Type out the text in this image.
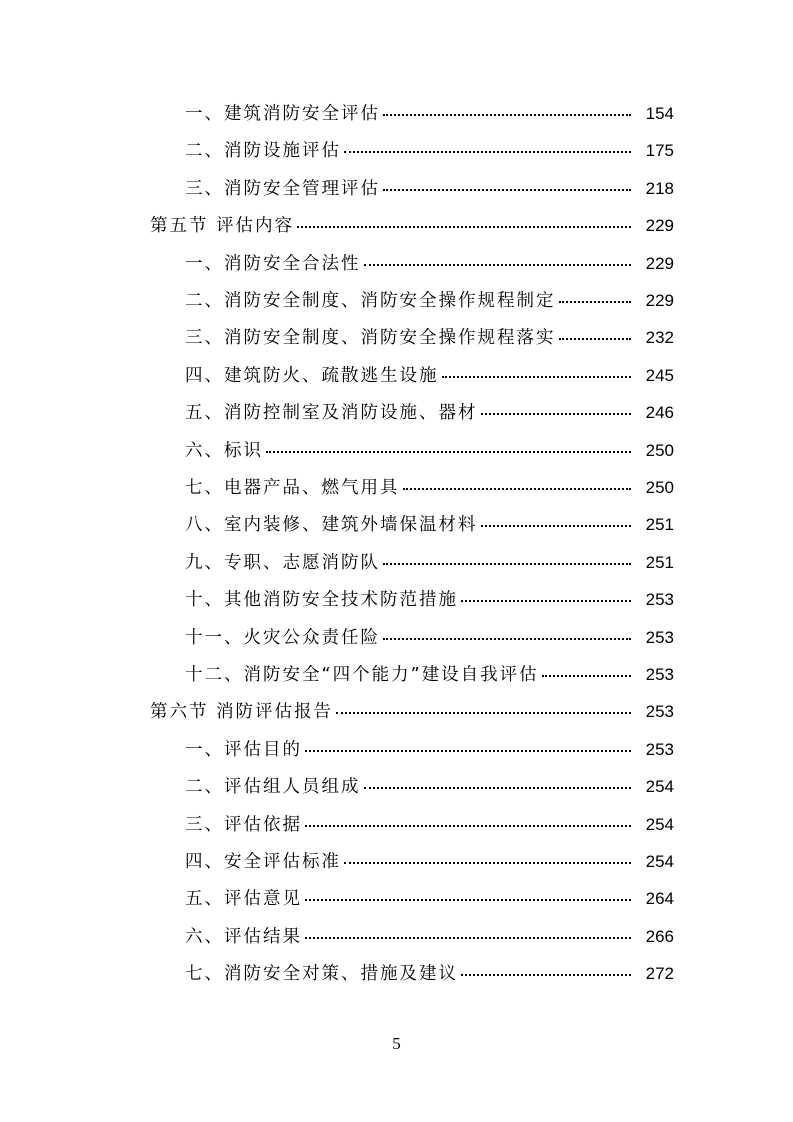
一、建筑消防安全评估	154
二、消防设施评估	175
三、消防安全管理评估	218
第五节 评估内容	229
一、消防安全合法性	229
二、消防安全制度、消防安全操作规程制定	229
三、消防安全制度、消防安全操作规程落实	232
四、建筑防火、疏散逃生设施	245
五、消防控制室及消防设施、器材	246
六、标识	250
七、电器产品、燃气用具	250
八、室内装修、建筑外墙保温材料	251
九、专职、志愿消防队	251
十、其他消防安全技术防范措施	253
十一、火灾公众责任险	253
十二、消防安全“四个能力”建设自我评估	253
第六节 消防评估报告	253
一、评估目的	253
二、评估组人员组成	254
三、评估依据	254
四、安全评估标准	254
五、评估意见	264
六、评估结果	266
七、消防安全对策、措施及建议	272
5
